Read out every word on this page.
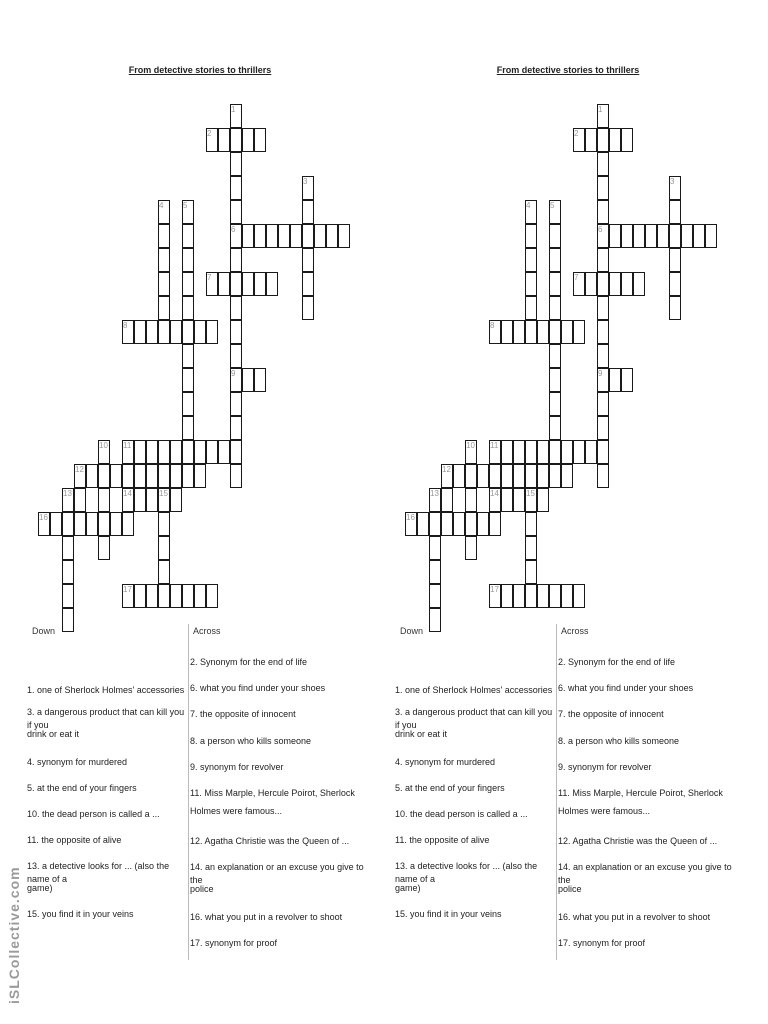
From detective stories to thrillers	From detective stories to thrillers
1
6
9
2
3
4 5
7
8
10 11
12
13	14	15
16
17
1
6
9
2
3
4 5
7
8
10 11
12
13	14	15
16
17
Down	Across
1. one of Sherlock Holmes' accessories
3. a dangerous product that can kill you if you
drink or eat it
4. synonym for murdered
5. at the end of your fingers
10. the dead person is called a ...
11. the opposite of alive
13. a detective looks for ... (also the name of a
game)
15. you find it in your veins
2. Synonym for the end of life
6. what you find under your shoes
7. the opposite of innocent
8. a person who kills someone
9. synonym for revolver
11. Miss Marple, Hercule Poirot, Sherlock
Holmes were famous...
12. Agatha Christie was the Queen of ...
14. an explanation or an excuse you give to the
police
16. what you put in a revolver to shoot
17. synonym for proof
Down	Across
1. one of Sherlock Holmes' accessories
3. a dangerous product that can kill you if you
drink or eat it
4. synonym for murdered
5. at the end of your fingers
10. the dead person is called a ...
11. the opposite of alive
13. a detective looks for ... (also the name of a
game)
15. you find it in your veins
2. Synonym for the end of life
6. what you find under your shoes
7. the opposite of innocent
8. a person who kills someone
9. synonym for revolver
11. Miss Marple, Hercule Poirot, Sherlock
Holmes were famous...
12. Agatha Christie was the Queen of ...
14. an explanation or an excuse you give to the
police
16. what you put in a revolver to shoot
17. synonym for proof
iSLCollective.com
